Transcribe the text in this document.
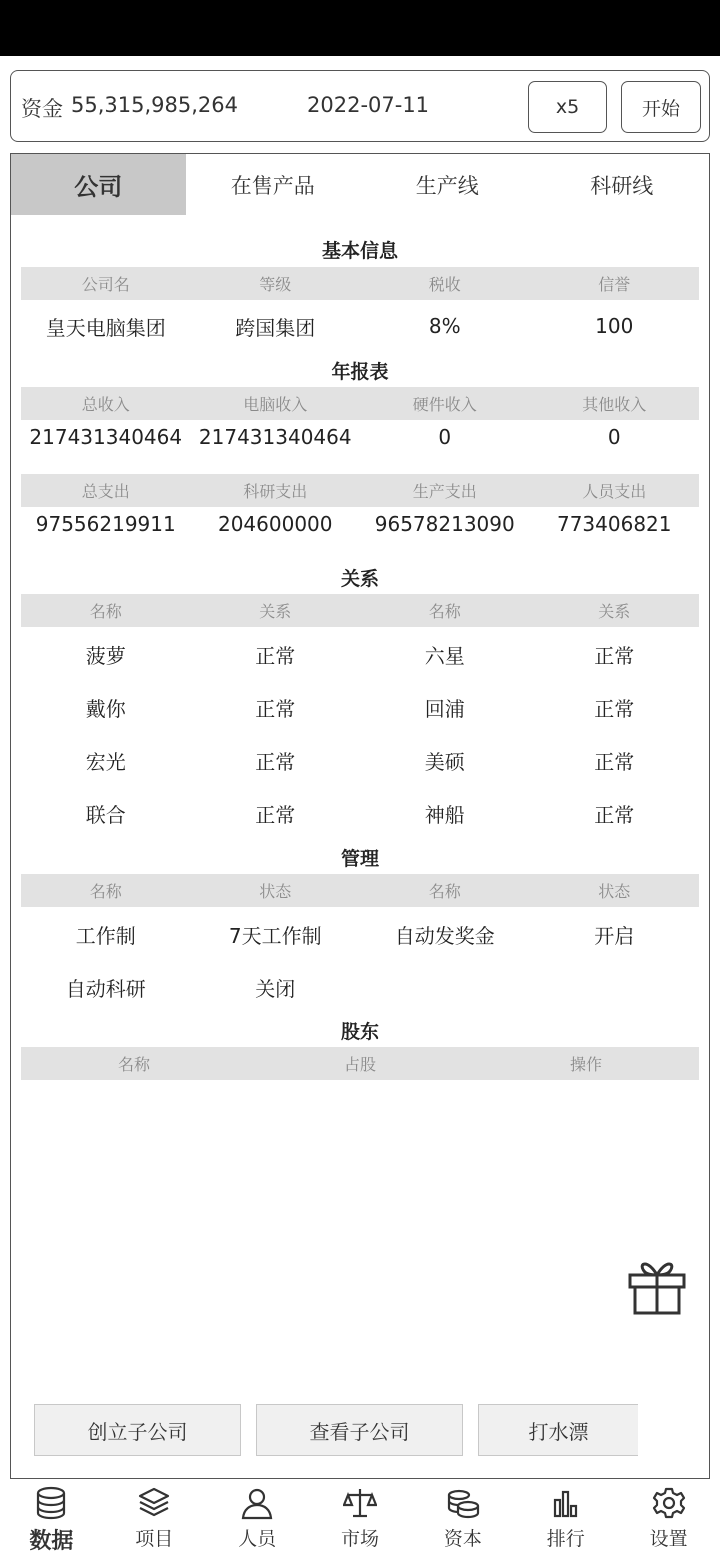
资金 55,315,985,264	2022-07-11	x5	开始
公司	在售产品	生产线	科研线
基本信息
公司名	等级	税收	信誉
皇天电脑集团	跨国集团	8%	100
年报表
总收入	电脑收入	硬件收入	其他收入
217431340464 217431340464	0	0
总支出	科研支出	生产支出	人员支出
97556219911	204600000	96578213090	773406821
关系
名称	关系	名称	关系
菠萝	正常	六星	正常
戴你	正常	回浦	正常
宏光	正常	美硕	正常
联合	正常	神船	正常
管理
名称	状态	名称	状态
工作制	7天工作制	自动发奖金	开启
自动科研	关闭
股东
名称	占股	操作
创立子公司	查看子公司	打水漂
数据	项目	人员	市场	资本	排行	设置
